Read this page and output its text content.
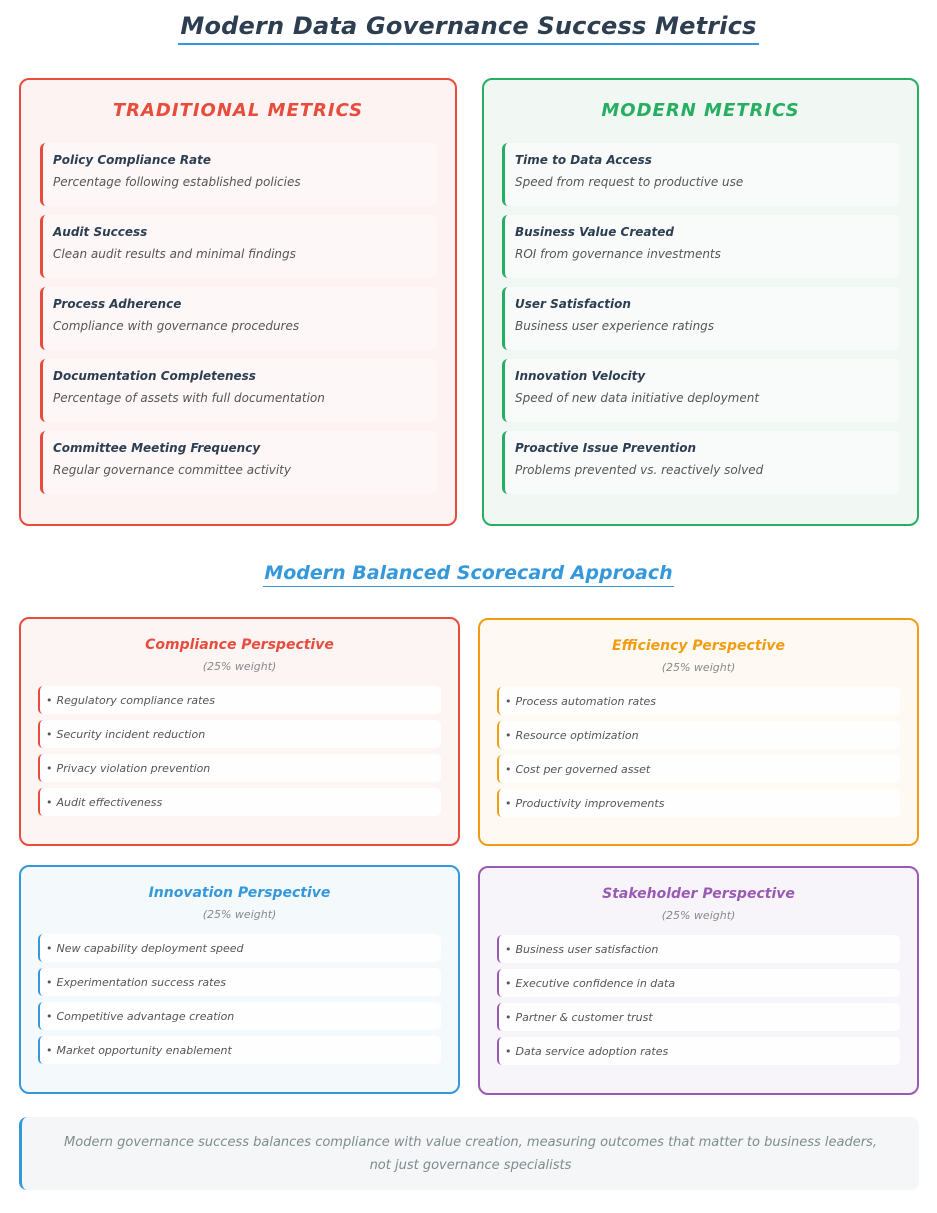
Modern Data Governance Success Metrics
TRADITIONAL METRICS
Policy Compliance Rate
Percentage following established policies
Audit Success
Clean audit results and minimal findings
Process Adherence
Compliance with governance procedures
Documentation Completeness
Percentage of assets with full documentation
Committee Meeting Frequency
Regular governance committee activity
MODERN METRICS
Time to Data Access
Speed from request to productive use
Business Value Created
ROI from governance investments
User Satisfaction
Business user experience ratings
Innovation Velocity
Speed of new data initiative deployment
Proactive Issue Prevention
Problems prevented vs. reactively solved
Modern Balanced Scorecard Approach
Compliance Perspective
(25% weight)
• Regulatory compliance rates
• Security incident reduction
• Privacy violation prevention
• Audit effectiveness
Efficiency Perspective
(25% weight)
• Process automation rates
• Resource optimization
• Cost per governed asset
• Productivity improvements
Innovation Perspective
(25% weight)
• New capability deployment speed
• Experimentation success rates
• Competitive advantage creation
• Market opportunity enablement
Stakeholder Perspective
(25% weight)
• Business user satisfaction
• Executive confidence in data
• Partner & customer trust
• Data service adoption rates
Modern governance success balances compliance with value creation, measuring outcomes that matter to business leaders, not just governance specialists
